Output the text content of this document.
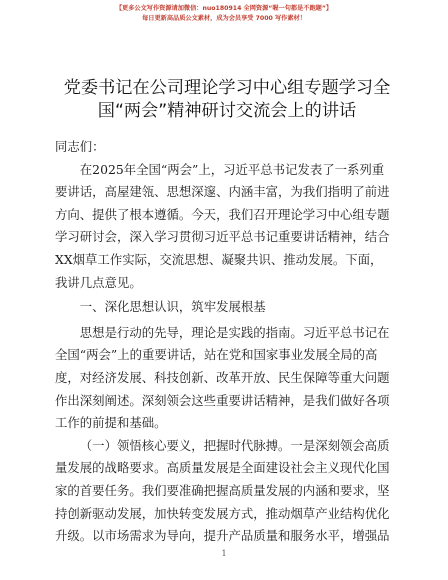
【更多公文写作资源请加微信：nuo180914 全网资源“喔一句都是不跑题”】
每日更新高品质公文素材，成为会员享受 7000 写作素材！
党委书记在公司理论学习中心组专题学习全国“两会”精神研讨交流会上的讲话

同志们：

在2025年全国“两会”上，习近平总书记发表了一系列重要讲话，高屋建瓴、思想深邃、内涵丰富，为我们指明了前进方向、提供了根本遵循。今天，我们召开理论学习中心组专题学习研讨会，深入学习贯彻习近平总书记重要讲话精神，结合XX烟草工作实际，交流思想、凝聚共识、推动发展。下面，我讲几点意见。

一、深化思想认识，筑牢发展根基

思想是行动的先导，理论是实践的指南。习近平总书记在全国“两会”上的重要讲话，站在党和国家事业发展全局的高度，对经济发展、科技创新、改革开放、民生保障等重大问题作出深刻阐述。深刻领会这些重要讲话精神，是我们做好各项工作的前提和基础。

（一）领悟核心要义，把握时代脉搏。一是深刻领会高质量发展的战略要求。高质量发展是全面建设社会主义现代化国家的首要任务。我们要准确把握高质量发展的内涵和要求，坚持创新驱动发展，加快转变发展方式，推动烟草产业结构优化升级。以市场需求为导向，提升产品质量和服务水平，增强品

1
